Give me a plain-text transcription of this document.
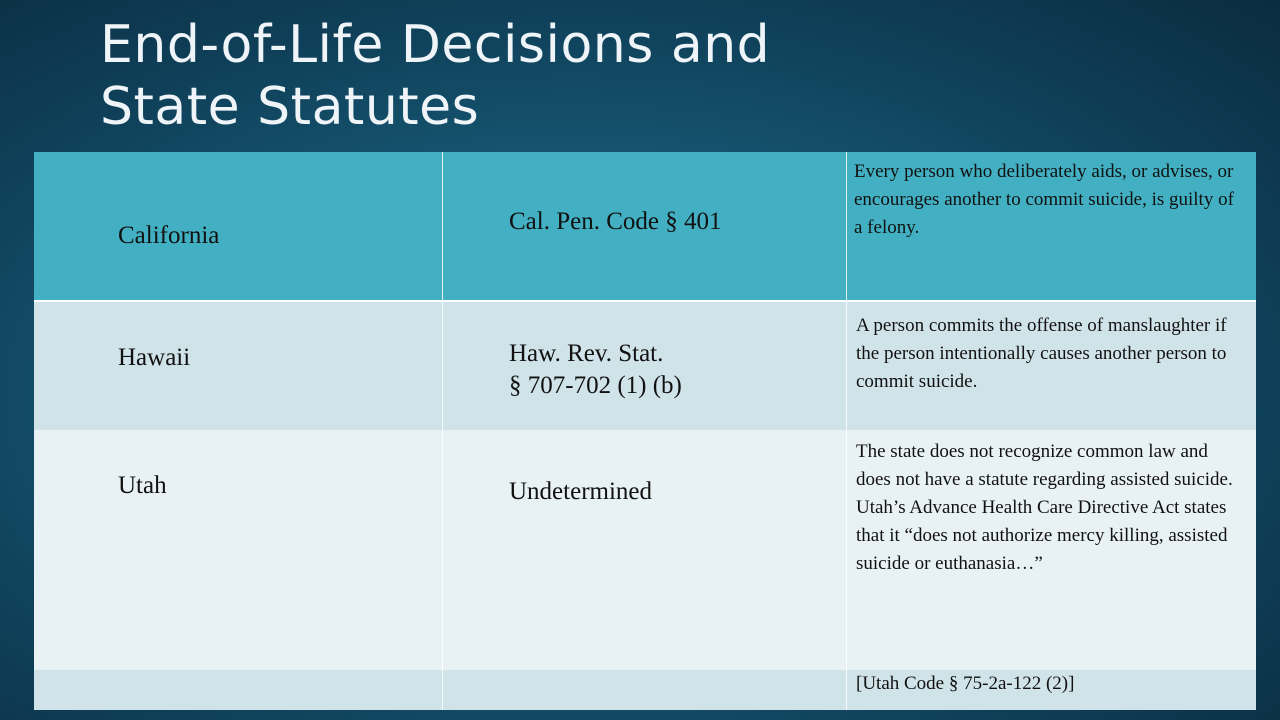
End-of-Life Decisions and
State Statutes
California
Cal. Pen. Code § 401
Every person who deliberately aids, or advises, or encourages another to commit suicide, is guilty of a felony.
Hawaii	Haw. Rev. Stat.
§ 707-702 (1) (b)
A person commits the offense of manslaughter if the person intentionally causes another person to commit suicide.
Utah	Undetermined
The state does not recognize common law and does not have a statute regarding assisted suicide. Utah’s Advance Health Care Directive Act states that it “does not authorize mercy killing, assisted suicide or euthanasia…”
[Utah Code § 75-2a-122 (2)]
